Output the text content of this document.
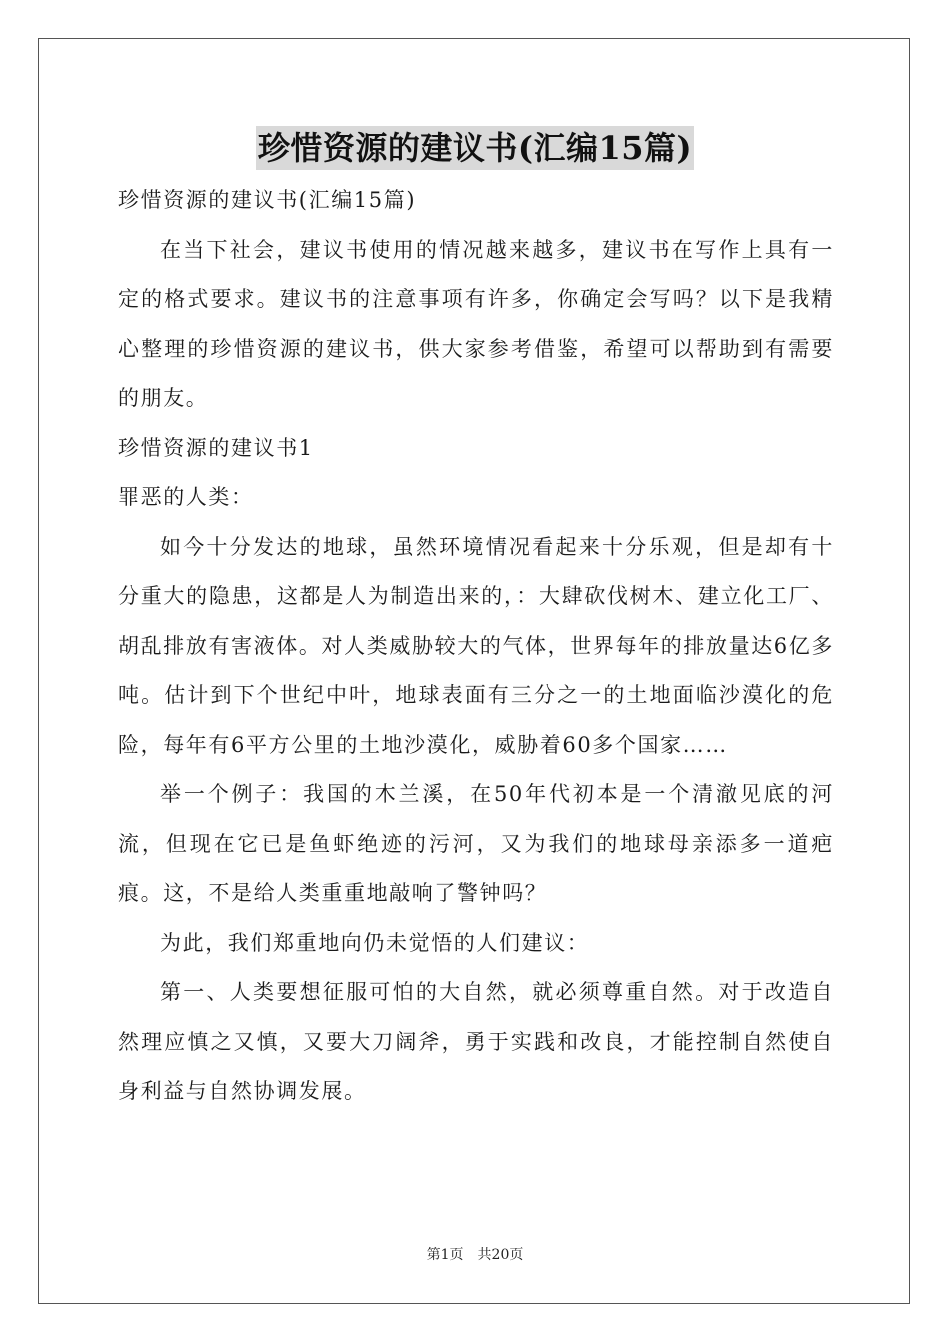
珍惜资源的建议书(汇编15篇)

珍惜资源的建议书(汇编15篇)

在当下社会，建议书使用的情况越来越多，建议书在写作上具有一定的格式要求。建议书的注意事项有许多，你确定会写吗？以下是我精心整理的珍惜资源的建议书，供大家参考借鉴，希望可以帮助到有需要的朋友。

珍惜资源的建议书1

罪恶的人类：

如今十分发达的地球，虽然环境情况看起来十分乐观，但是却有十分重大的隐患，这都是人为制造出来的，：大肆砍伐树木、建立化工厂、胡乱排放有害液体。对人类威胁较大的气体，世界每年的排放量达6亿多吨。估计到下个世纪中叶，地球表面有三分之一的土地面临沙漠化的危险，每年有6平方公里的土地沙漠化，威胁着60多个国家……

举一个例子：我国的木兰溪，在50年代初本是一个清澈见底的河流，但现在它已是鱼虾绝迹的污河，又为我们的地球母亲添多一道疤痕。这，不是给人类重重地敲响了警钟吗？

为此，我们郑重地向仍未觉悟的人们建议：

第一、人类要想征服可怕的大自然，就必须尊重自然。对于改造自然理应慎之又慎，又要大刀阔斧，勇于实践和改良，才能控制自然使自身利益与自然协调发展。

第1页 共20页
